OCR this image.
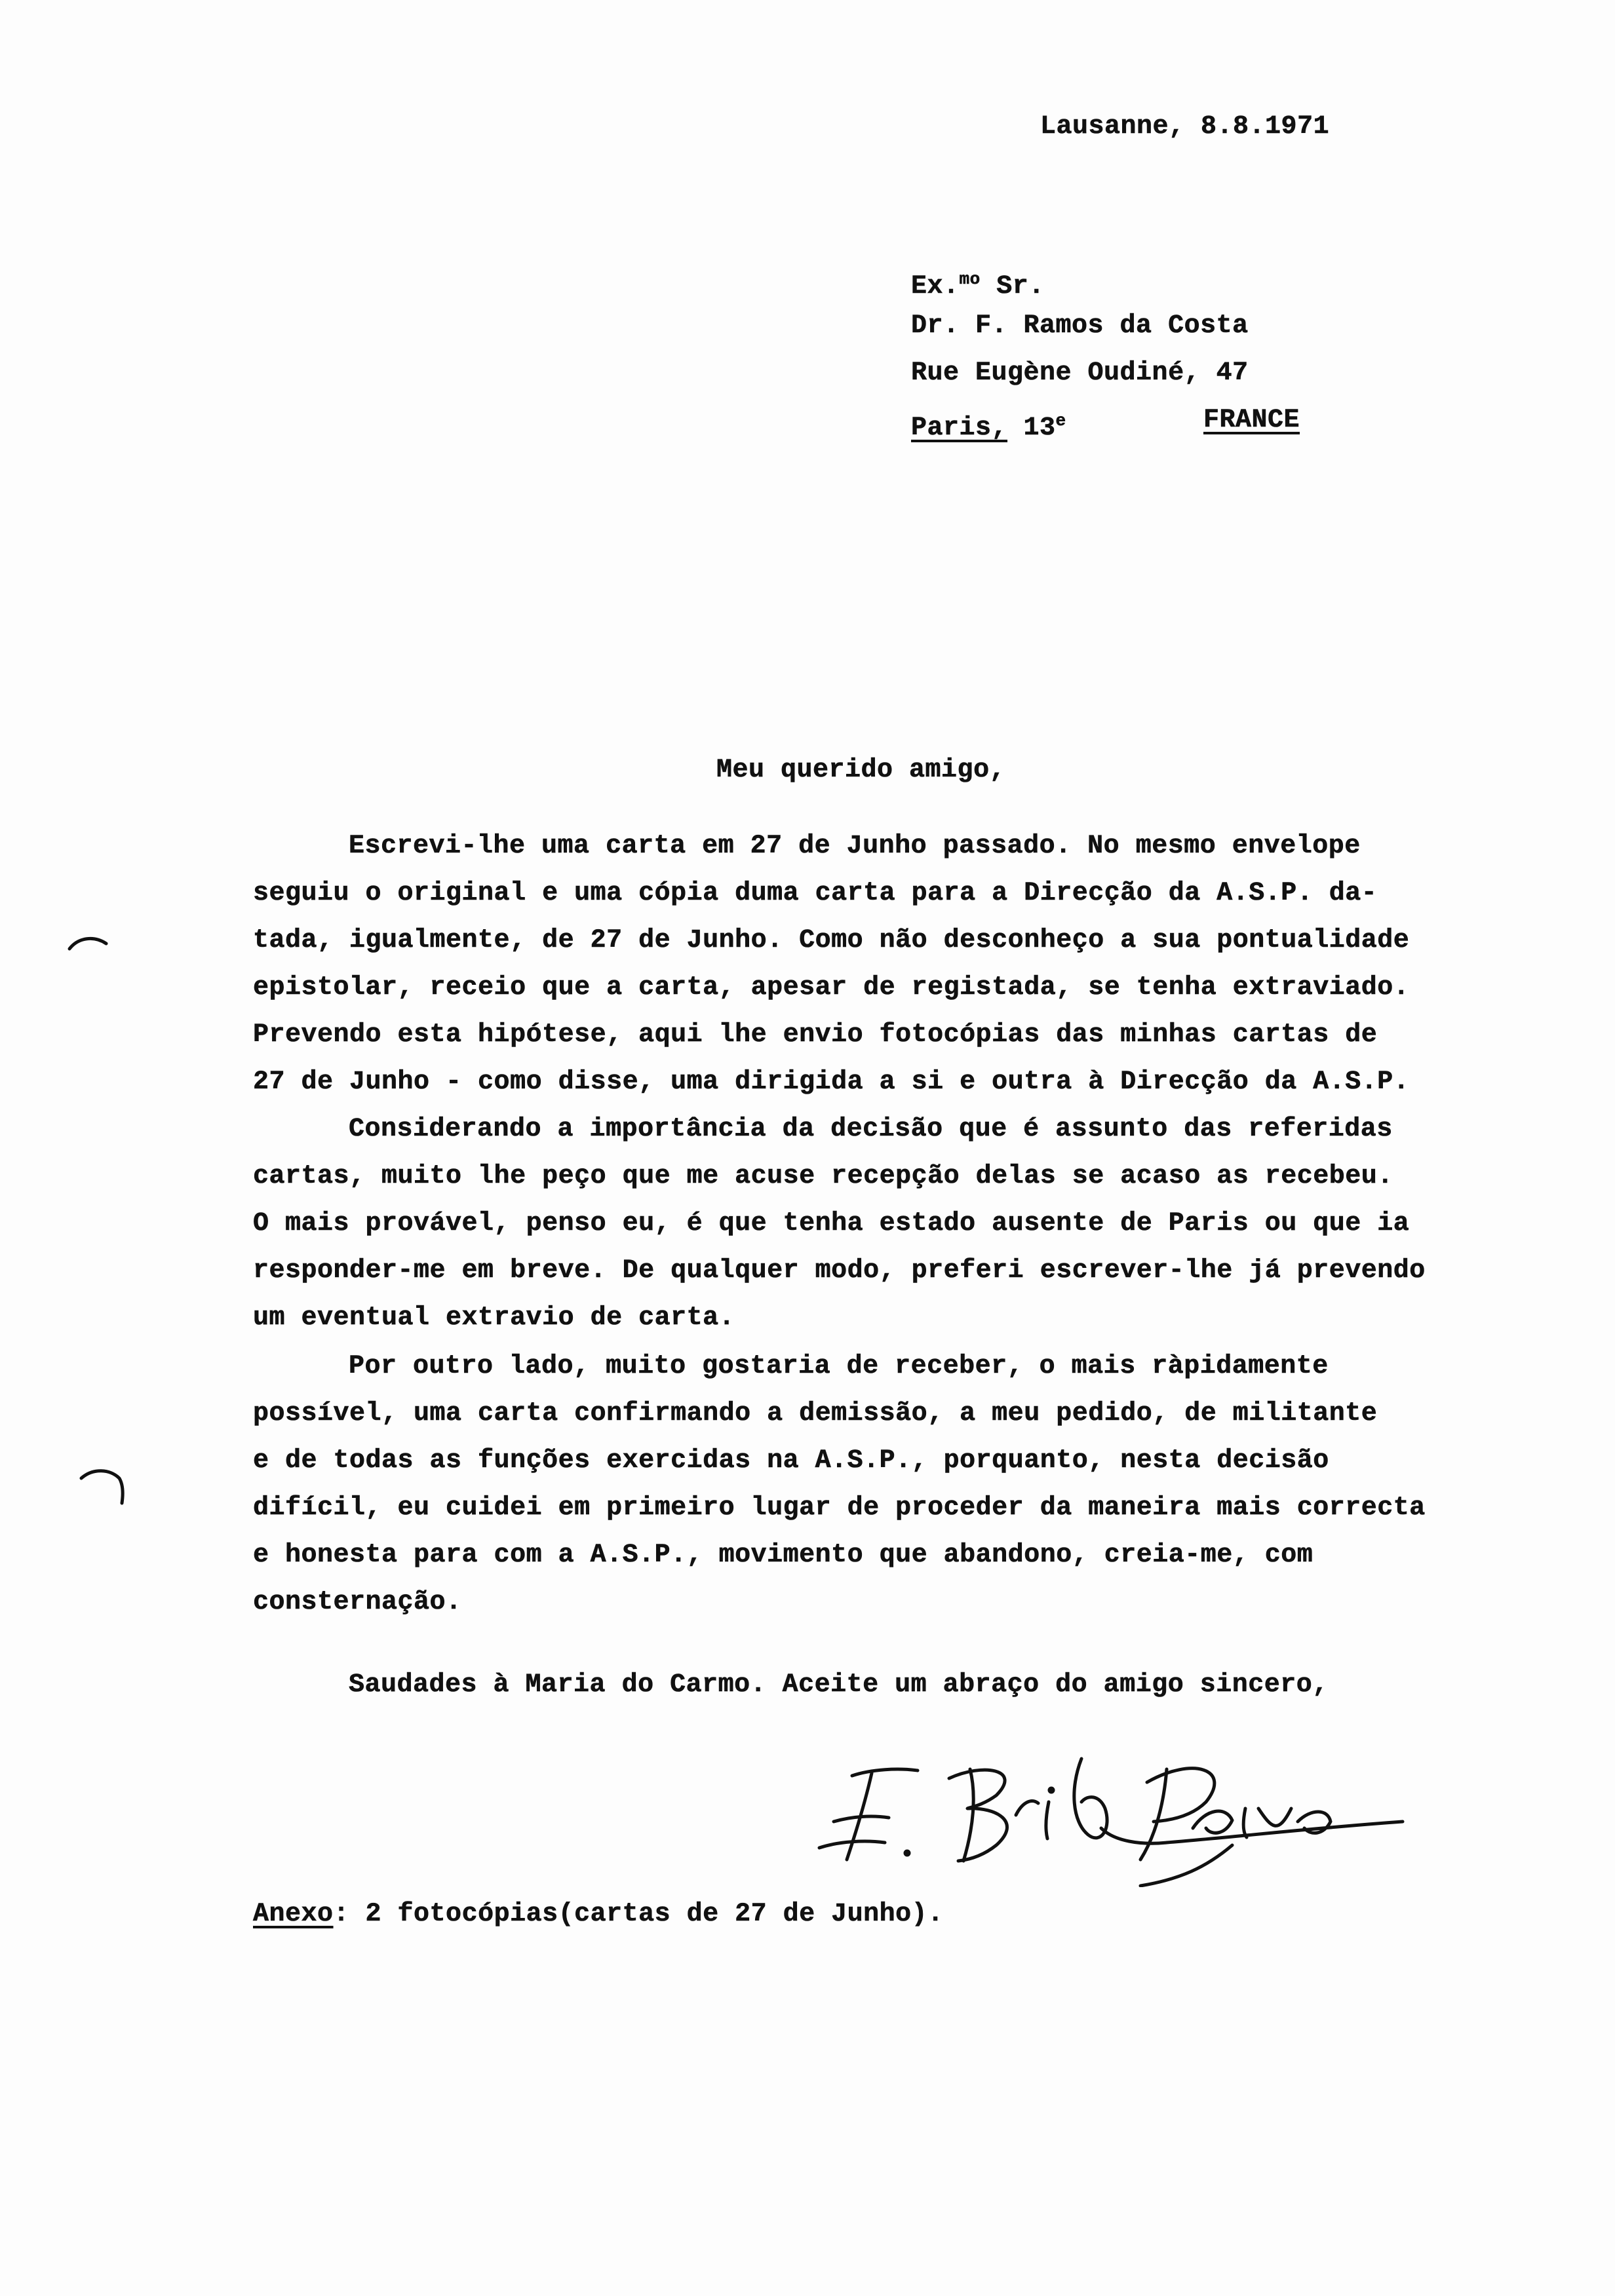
Lausanne, 8.8.1971
Ex.$^{mo}$ Sr.
Dr. F. Ramos da Costa
Rue Eugène Oudiné, 47
Paris, 13e	FRANCE
Meu querido amigo,
Escrevi-lhe uma carta em 27 de Junho passado. No mesmo envelope
seguiu o original e uma cópia duma carta para a Direcção da A.S.P. da-
tada, igualmente, de 27 de Junho. Como não desconheço a sua pontualidade
epistolar, receio que a carta, apesar de registada, se tenha extraviado.
Prevendo esta hipótese, aqui lhe envio fotocópias das minhas cartas de
27 de Junho - como disse, uma dirigida a si e outra à Direcção da A.S.P.
Considerando a importância da decisão que é assunto das referidas
cartas, muito lhe peço que me acuse recepção delas se acaso as recebeu.
O mais provável, penso eu, é que tenha estado ausente de Paris ou que ia
responder-me em breve. De qualquer modo, preferi escrever-lhe já prevendo
um eventual extravio de carta.
Por outro lado, muito gostaria de receber, o mais ràpidamente
possível, uma carta confirmando a demissão, a meu pedido, de militante
e de todas as funções exercidas na A.S.P., porquanto, nesta decisão
difícil, eu cuidei em primeiro lugar de proceder da maneira mais correcta
e honesta para com a A.S.P., movimento que abandono, creia-me, com
consternação.
Saudades à Maria do Carmo. Aceite um abraço do amigo sincero,
Anexo: 2 fotocópias(cartas de 27 de Junho).
